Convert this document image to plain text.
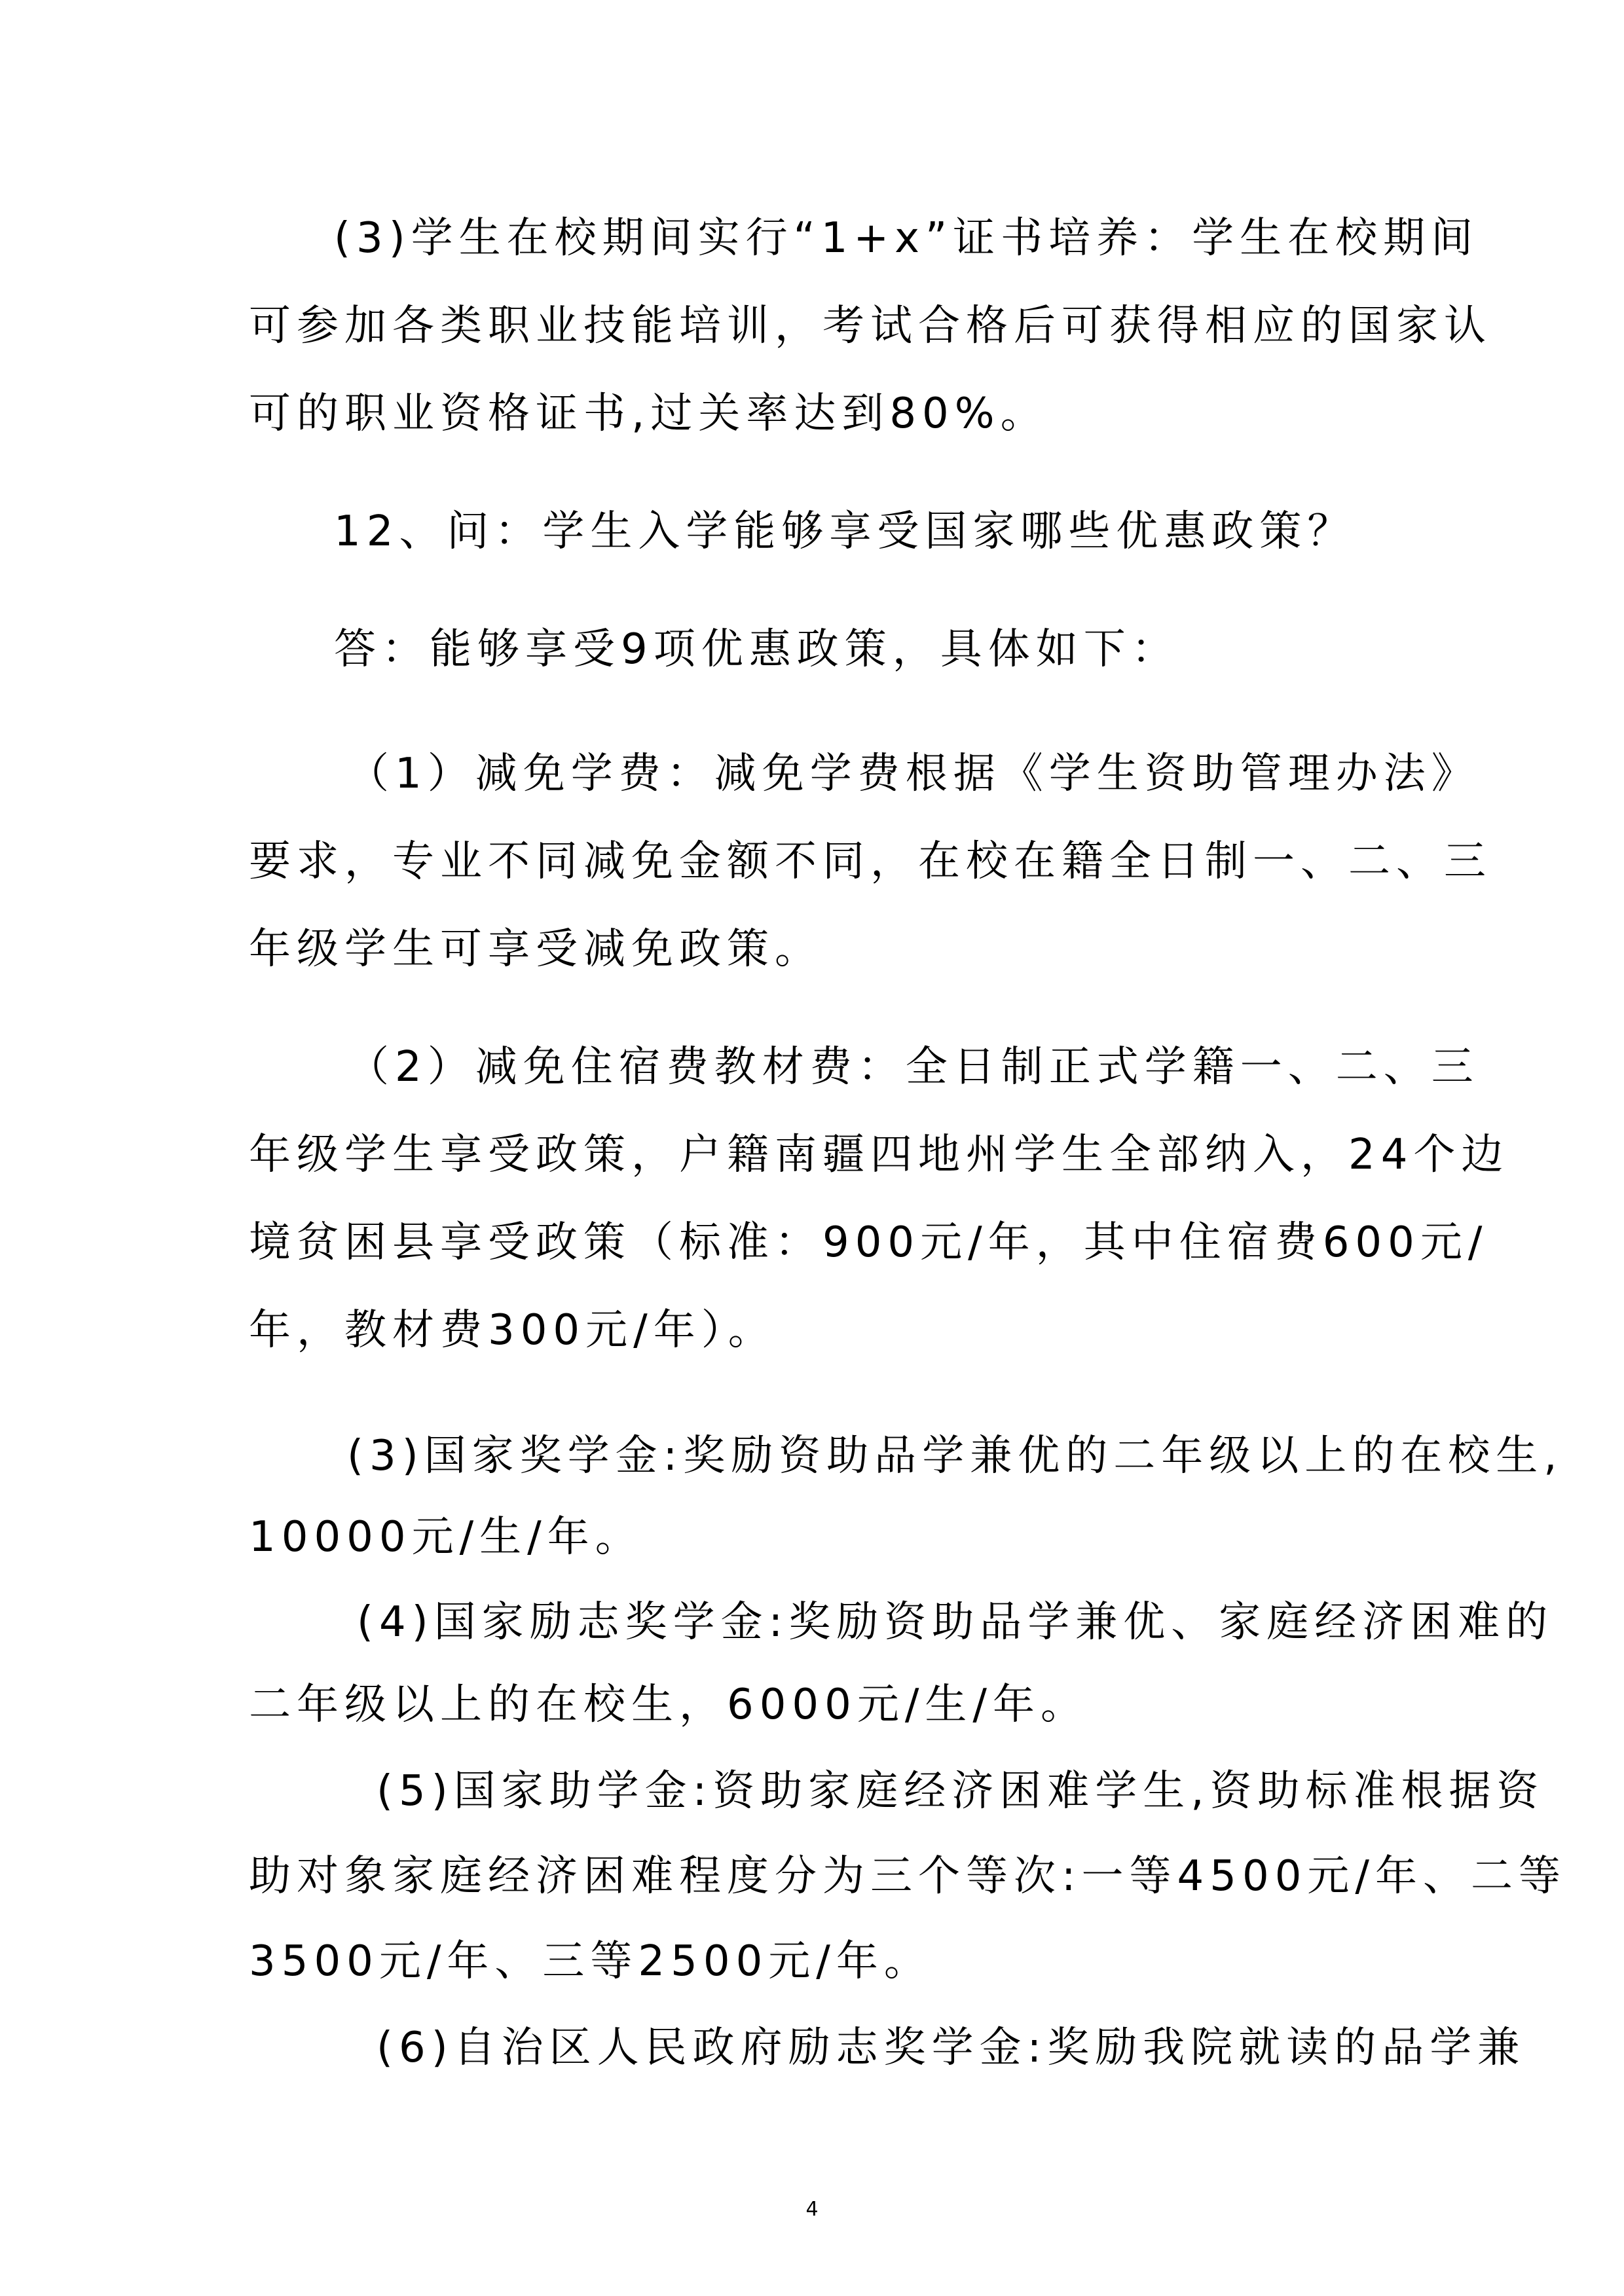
(3)学生在校期间实行“1+x”证书培养：学生在校期间
可参加各类职业技能培训，考试合格后可获得相应的国家认
可的职业资格证书,过关率达到80%。
12、问：学生入学能够享受国家哪些优惠政策？
答：能够享受9项优惠政策，具体如下：
（1）减免学费：减免学费根据《学生资助管理办法》
要求，专业不同减免金额不同，在校在籍全日制一、二、三
年级学生可享受减免政策。
（2）减免住宿费教材费：全日制正式学籍一、二、三
年级学生享受政策，户籍南疆四地州学生全部纳入，24个边
境贫困县享受政策（标准：900元/年，其中住宿费600元/
年，教材费300元/年）。
(3)国家奖学金:奖励资助品学兼优的二年级以上的在校生,
10000元/生/年。
(4)国家励志奖学金:奖励资助品学兼优、家庭经济困难的
二年级以上的在校生，6000元/生/年。
(5)国家助学金:资助家庭经济困难学生,资助标准根据资
助对象家庭经济困难程度分为三个等次:一等4500元/年、二等
3500元/年、三等2500元/年。
(6)自治区人民政府励志奖学金:奖励我院就读的品学兼
4
